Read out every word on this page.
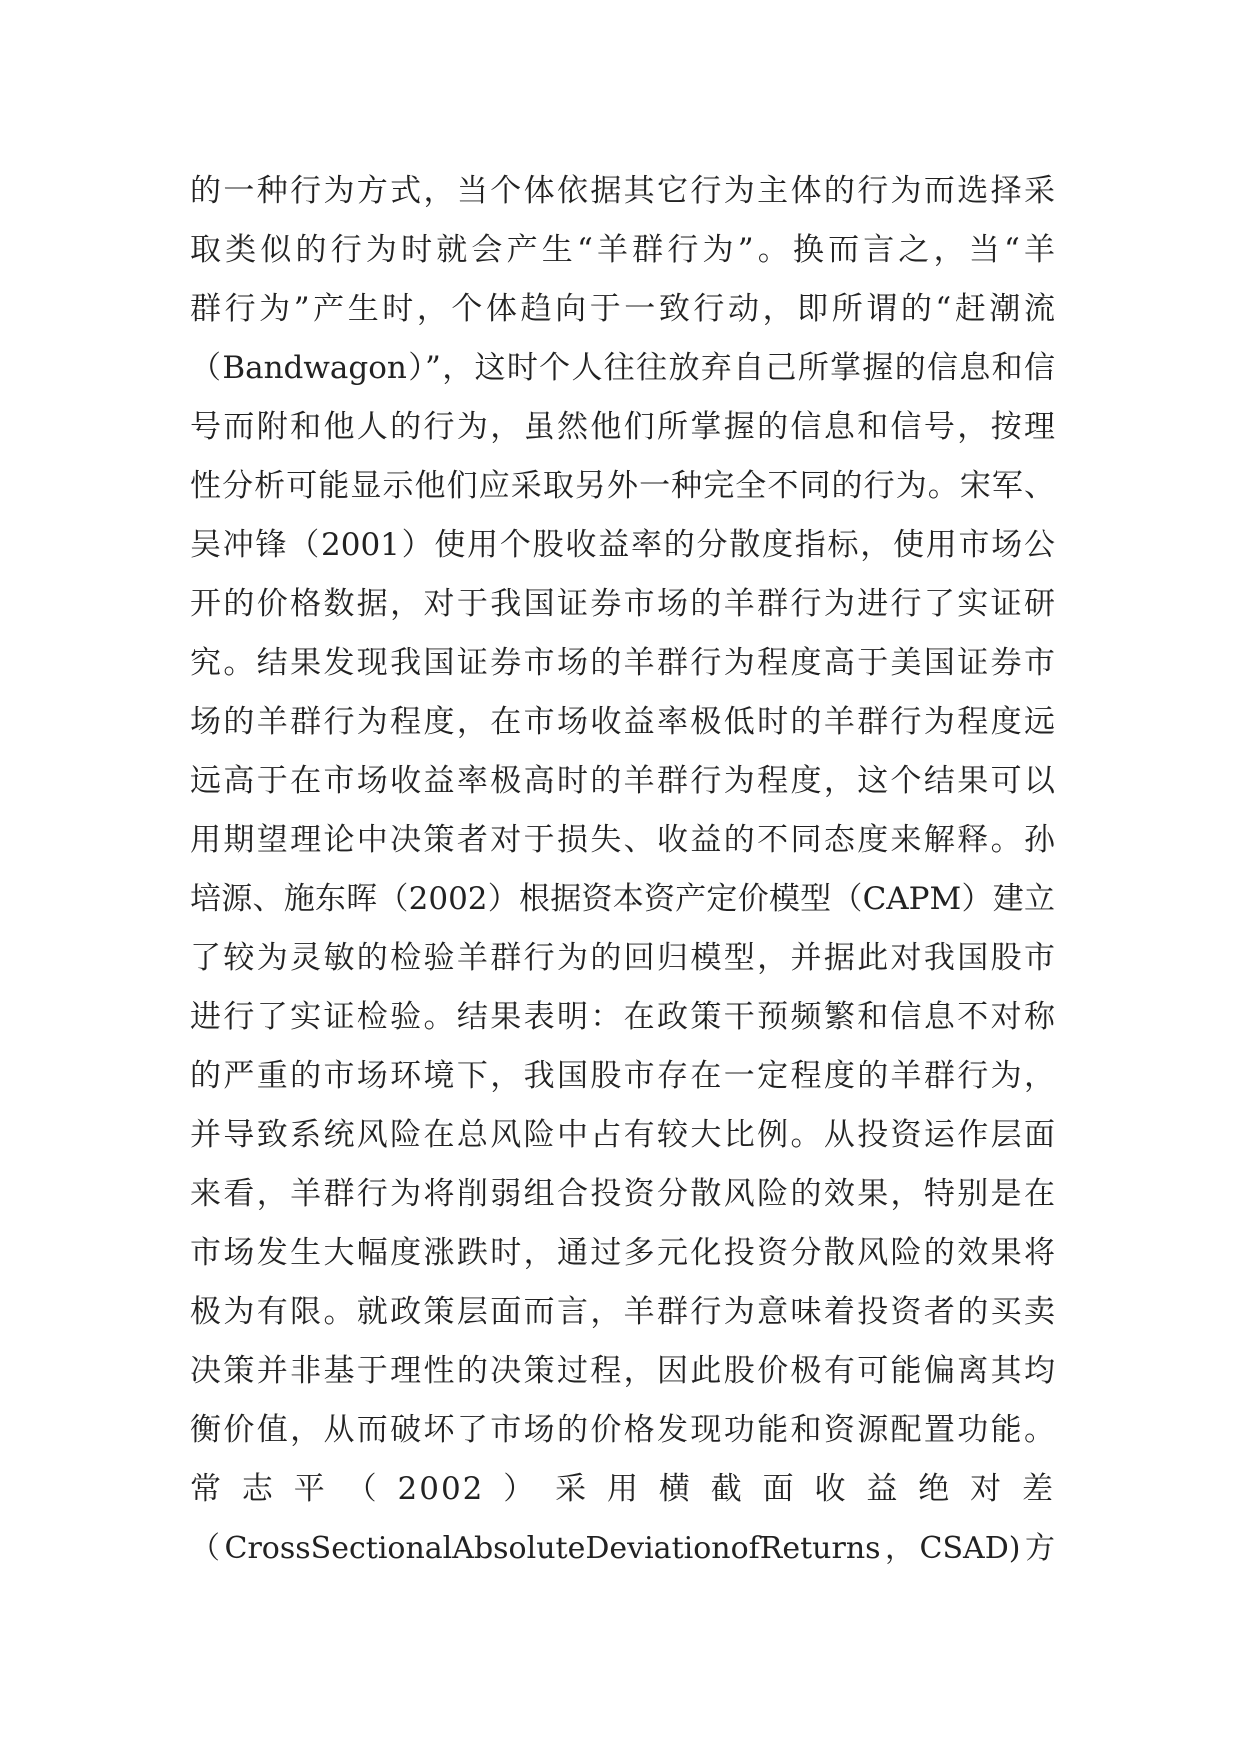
的一种行为方式，当个体依据其它行为主体的行为而选择采
取类似的行为时就会产生“羊群行为”。换而言之，当“羊
群行为”产生时，个体趋向于一致行动，即所谓的“赶潮流
（Bandwagon）”，这时个人往往放弃自己所掌握的信息和信
号而附和他人的行为，虽然他们所掌握的信息和信号，按理
性分析可能显示他们应采取另外一种完全不同的行为。宋军、
吴冲锋（2001）使用个股收益率的分散度指标，使用市场公
开的价格数据，对于我国证券市场的羊群行为进行了实证研
究。结果发现我国证券市场的羊群行为程度高于美国证券市
场的羊群行为程度，在市场收益率极低时的羊群行为程度远
远高于在市场收益率极高时的羊群行为程度，这个结果可以
用期望理论中决策者对于损失、收益的不同态度来解释。孙
培源、施东晖（2002）根据资本资产定价模型（CAPM）建立
了较为灵敏的检验羊群行为的回归模型，并据此对我国股市
进行了实证检验。结果表明：在政策干预频繁和信息不对称
的严重的市场环境下，我国股市存在一定程度的羊群行为，
并导致系统风险在总风险中占有较大比例。从投资运作层面
来看，羊群行为将削弱组合投资分散风险的效果，特别是在
市场发生大幅度涨跌时，通过多元化投资分散风险的效果将
极为有限。就政策层面而言，羊群行为意味着投资者的买卖
决策并非基于理性的决策过程，因此股价极有可能偏离其均
衡价值，从而破坏了市场的价格发现功能和资源配置功能。
常志平（2002）采用横截面收益绝对差
（CrossSectionalAbsoluteDeviationofReturns，CSAD)方
